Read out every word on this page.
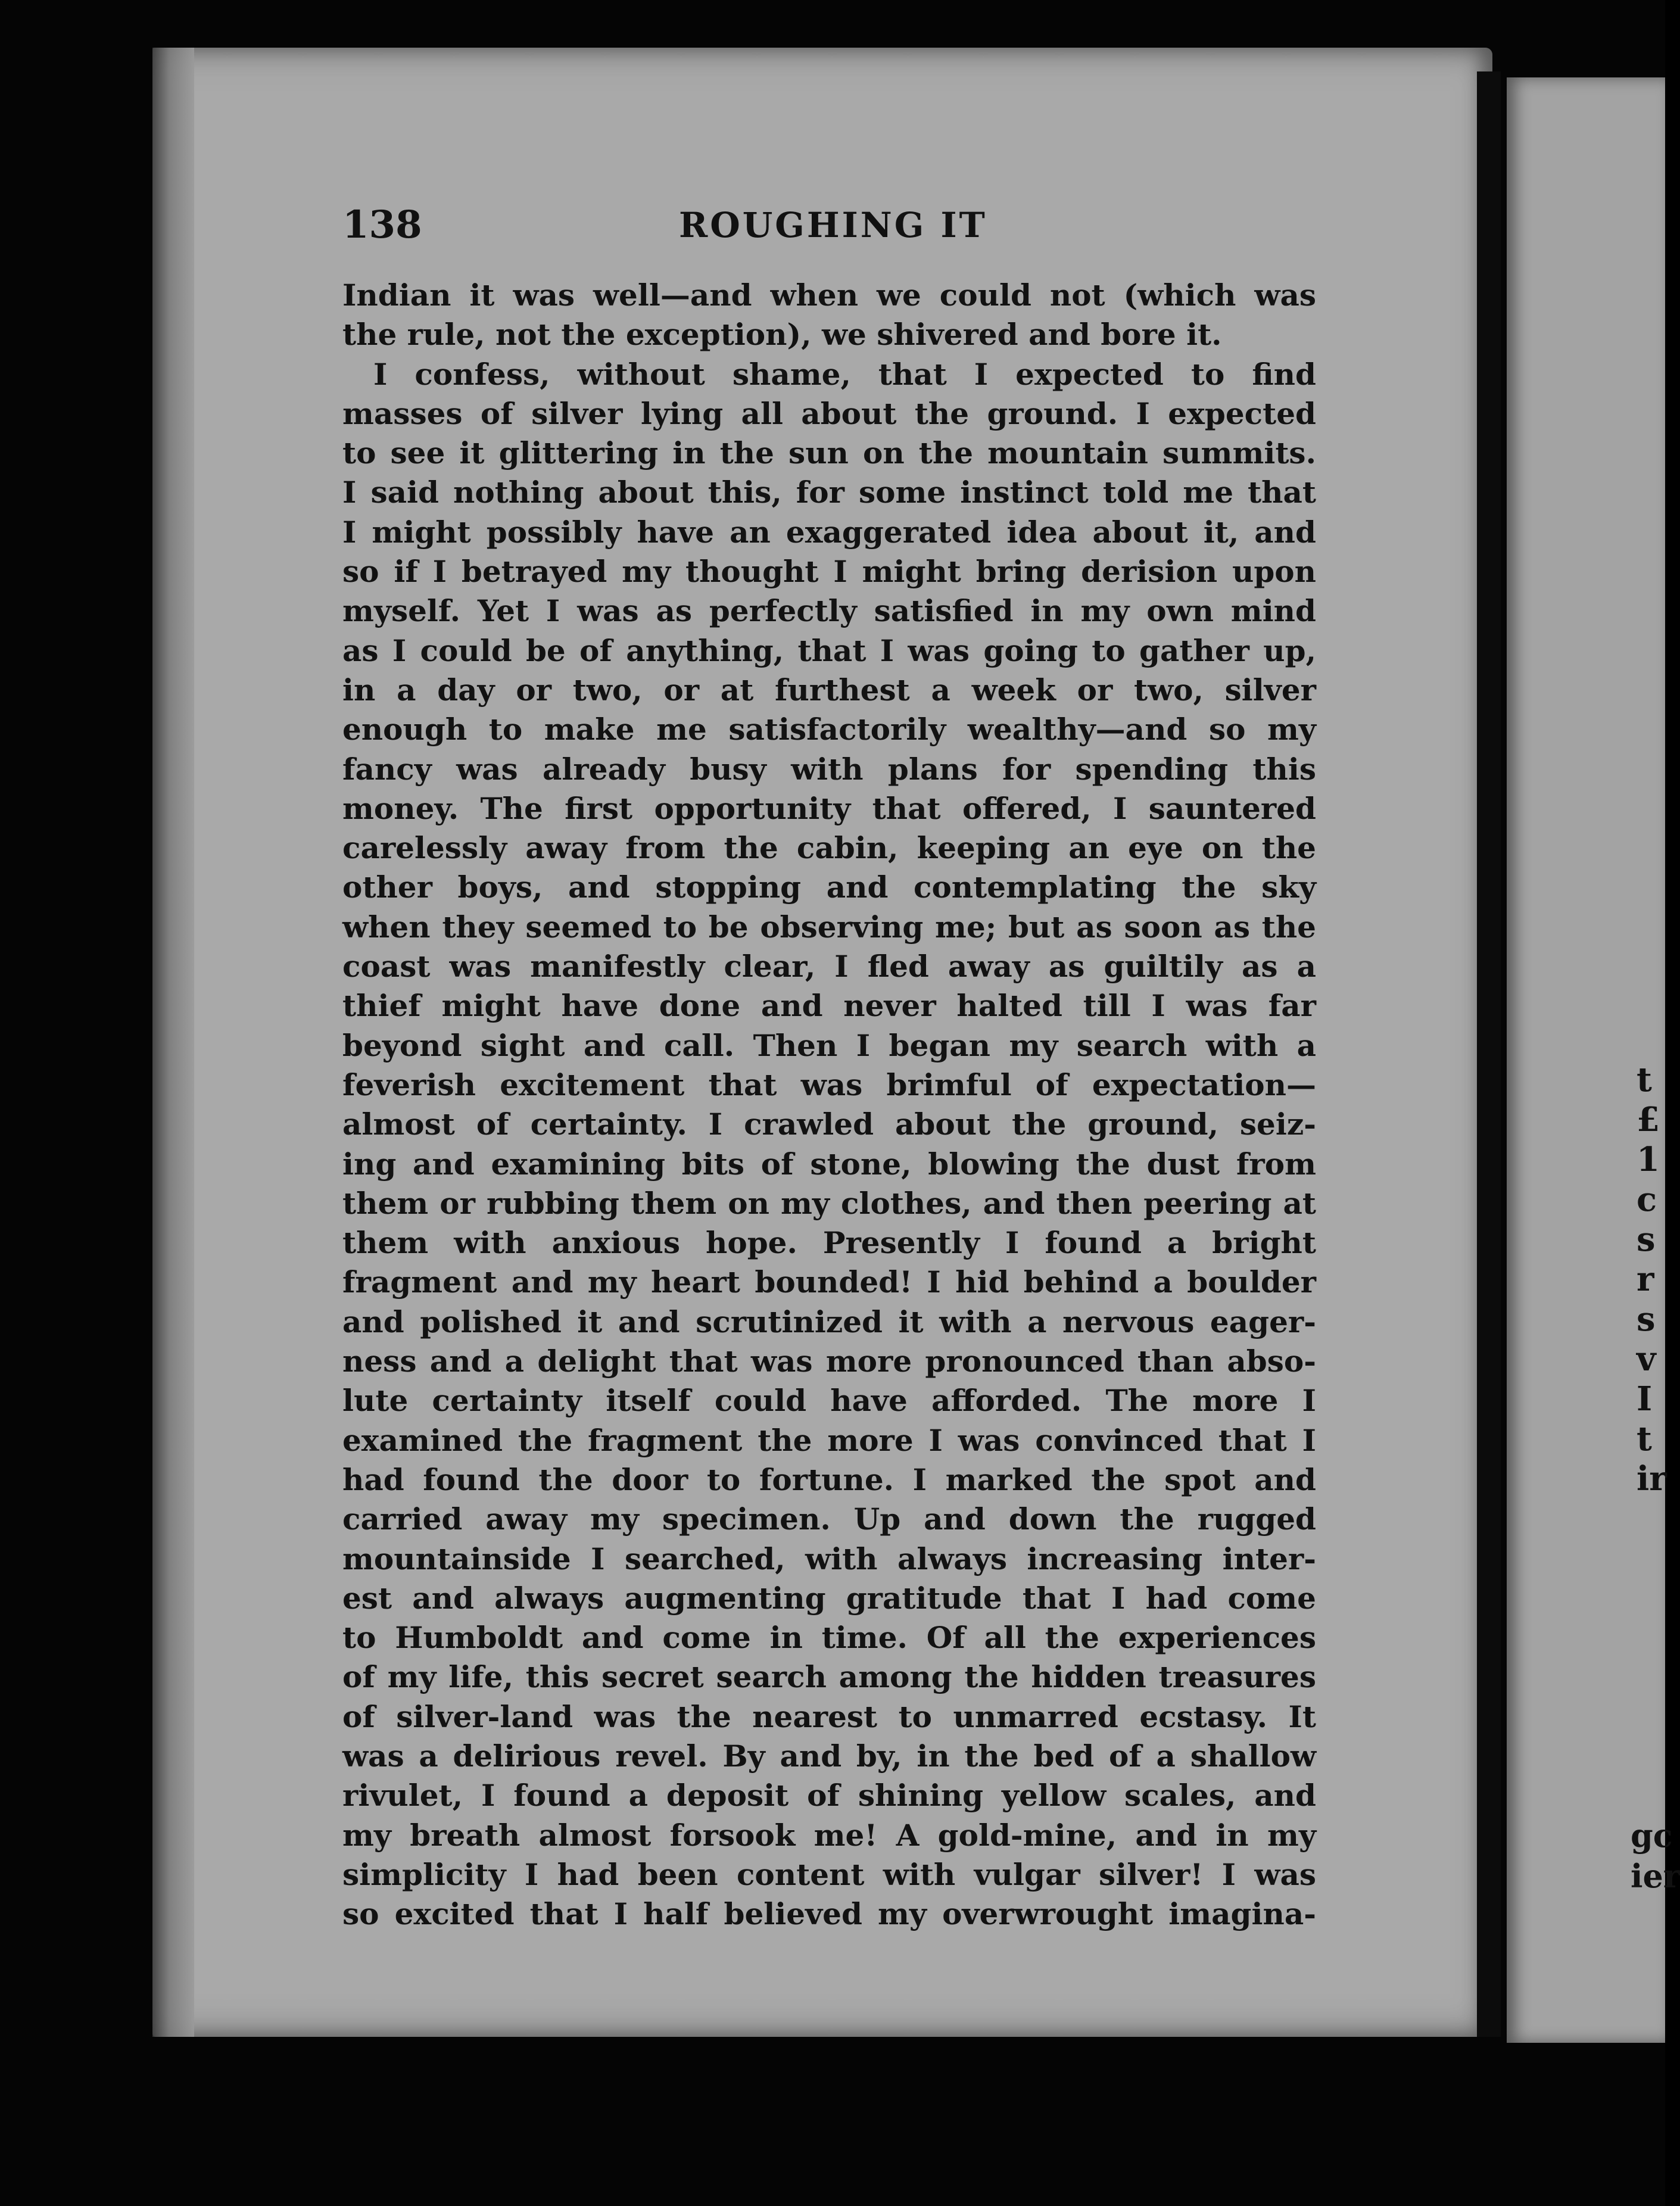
t
£
1
c
s
r
s
v
I
t
ir
gc
ier
138	ROUGHING IT
Indian it was well—and when we could not (which was
the rule, not the exception), we shivered and bore it.
I confess, without shame, that I expected to find
masses of silver lying all about the ground. I expected
to see it glittering in the sun on the mountain summits.
I said nothing about this, for some instinct told me that
I might possibly have an exaggerated idea about it, and
so if I betrayed my thought I might bring derision upon
myself. Yet I was as perfectly satisfied in my own mind
as I could be of anything, that I was going to gather up,
in a day or two, or at furthest a week or two, silver
enough to make me satisfactorily wealthy—and so my
fancy was already busy with plans for spending this
money. The first opportunity that offered, I sauntered
carelessly away from the cabin, keeping an eye on the
other boys, and stopping and contemplating the sky
when they seemed to be observing me; but as soon as the
coast was manifestly clear, I fled away as guiltily as a
thief might have done and never halted till I was far
beyond sight and call. Then I began my search with a
feverish excitement that was brimful of expectation—
almost of certainty. I crawled about the ground, seiz-
ing and examining bits of stone, blowing the dust from
them or rubbing them on my clothes, and then peering at
them with anxious hope. Presently I found a bright
fragment and my heart bounded! I hid behind a boulder
and polished it and scrutinized it with a nervous eager-
ness and a delight that was more pronounced than abso-
lute certainty itself could have afforded. The more I
examined the fragment the more I was convinced that I
had found the door to fortune. I marked the spot and
carried away my specimen. Up and down the rugged
mountainside I searched, with always increasing inter-
est and always augmenting gratitude that I had come
to Humboldt and come in time. Of all the experiences
of my life, this secret search among the hidden treasures
of silver-land was the nearest to unmarred ecstasy. It
was a delirious revel. By and by, in the bed of a shallow
rivulet, I found a deposit of shining yellow scales, and
my breath almost forsook me! A gold-mine, and in my
simplicity I had been content with vulgar silver! I was
so excited that I half believed my overwrought imagina-
